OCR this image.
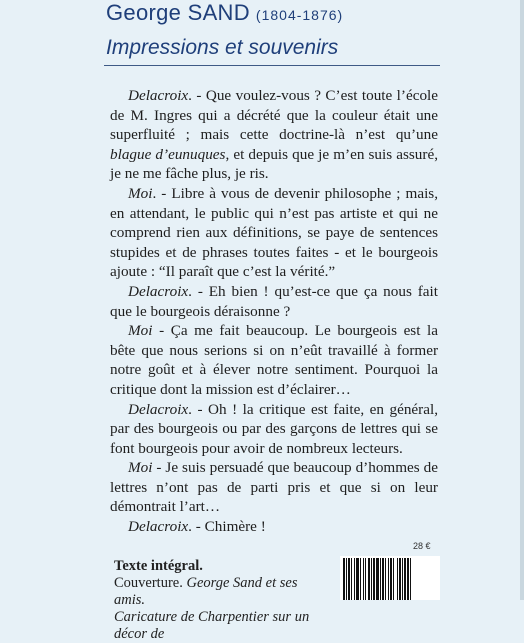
George SAND (1804-1876)
Impressions et souvenirs

Delacroix. - Que voulez-vous ? C’est toute l’école de M. Ingres qui a décrété que la couleur était une superfluité ; mais cette doctrine-là n’est qu’une blague d’eunuques, et depuis que je m’en suis assuré, je ne me fâche plus, je ris.

Moi. - Libre à vous de devenir philosophe ; mais, en attendant, le public qui n’est pas artiste et qui ne comprend rien aux définitions, se paye de sentences stupides et de phrases toutes faites - et le bourgeois ajoute : “Il paraît que c’est la vérité.”

Delacroix. - Eh bien ! qu’est-ce que ça nous fait que le bourgeois déraisonne ?

Moi - Ça me fait beaucoup. Le bourgeois est la bête que nous serions si on n’eût travaillé à former notre goût et à élever notre sentiment. Pourquoi la critique dont la mission est d’éclairer…

Delacroix. - Oh ! la critique est faite, en général, par des bourgeois ou par des garçons de lettres qui se font bourgeois pour avoir de nombreux lecteurs.

Moi - Je suis persuadé que beaucoup d’hommes de lettres n’ont pas de parti pris et que si on leur démontrait l’art…

Delacroix. - Chimère !

Texte intégral.
Couverture. George Sand et ses amis.
Caricature de Charpentier sur un décor de
28 €
